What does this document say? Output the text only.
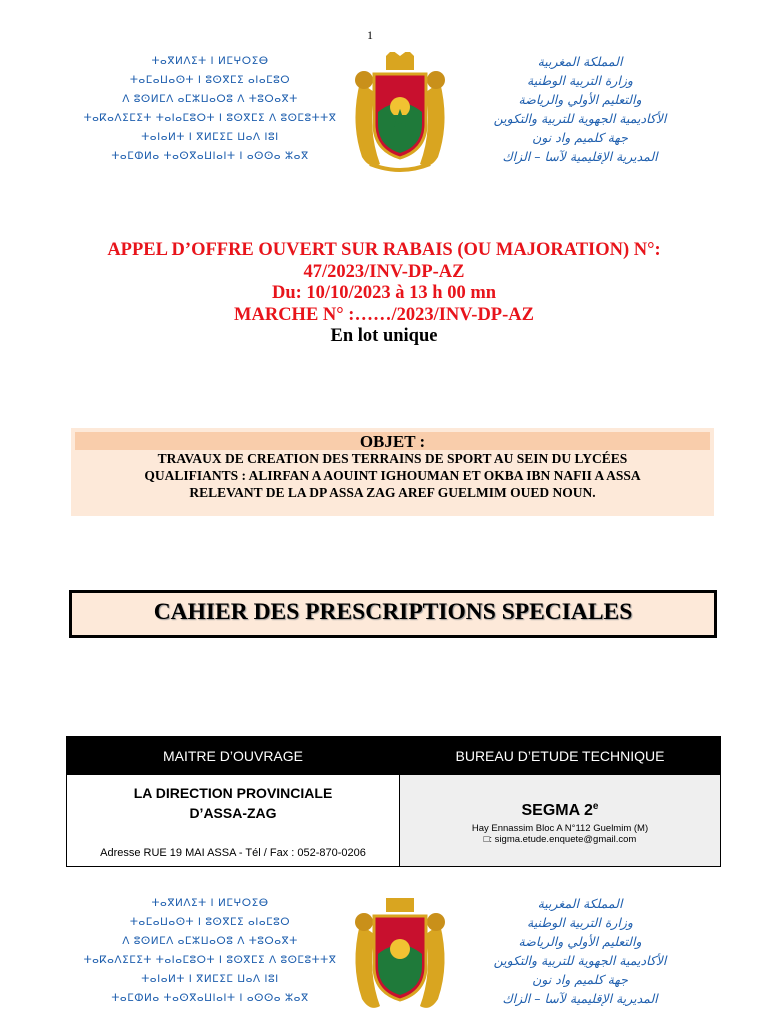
1
ⵜⴰⴳⵍⴷⵉⵜ ⵏ ⵍⵎⵖⵔⵉⴱ
ⵜⴰⵎⴰⵡⴰⵙⵜ ⵏ ⵓⵙⴳⵎⵉ ⴰⵏⴰⵎⵓⵔ
ⴷ ⵓⵙⵍⵎⴷ ⴰⵎⵣⵡⴰⵔⵓ ⴷ ⵜⵓⵔⴰⴳⵜ
ⵜⴰⴽⴰⴷⵉⵎⵉⵜ ⵜⴰⵏⴰⵎⵓⵔⵜ ⵏ ⵓⵙⴳⵎⵉ ⴷ ⵓⵙⵎⵓⵜⵜⴳ
ⵜⴰⵏⴰⵍⵜ ⵏ ⴳⵍⵎⵉⵎ ⵡⴰⴷ ⵏⵓⵏ
ⵜⴰⵎⵀⵍⴰ ⵜⴰⵙⴳⴰⵡⵏⴰⵏⵜ ⵏ ⴰⵙⵙⴰ ⵣⴰⴳ
المملكة المغربية
وزارة التربية الوطنية
والتعليم الأولي والرياضة
الأكاديمية الجهوية للتربية والتكوين
جهة كلميم واد نون
المديرية الإقليمية لآسا – الزاك
APPEL D’OFFRE OUVERT SUR RABAIS (OU MAJORATION) N°:
47/2023/INV-DP-AZ
Du: 10/10/2023 à 13 h 00 mn
MARCHE N° :……/2023/INV-DP-AZ
En lot unique
OBJET :
TRAVAUX DE CREATION DES TERRAINS DE SPORT AU SEIN DU LYCÉES
QUALIFIANTS : ALIRFAN A AOUINT IGHOUMAN ET OKBA IBN NAFII A ASSA
RELEVANT DE LA DP ASSA ZAG AREF GUELMIM OUED NOUN.
CAHIER DES PRESCRIPTIONS SPECIALES
MAITRE D’OUVRAGE	BUREAU D’ETUDE TECHNIQUE
LA DIRECTION PROVINCIALE
D’ASSA-ZAG
Adresse RUE 19 MAI ASSA - Tél / Fax : 052-870-0206
SEGMA 2e
Hay Ennassim Bloc A N°112 Guelmim (M)
□: sigma.etude.enquete@gmail.com
ⵜⴰⴳⵍⴷⵉⵜ ⵏ ⵍⵎⵖⵔⵉⴱ
ⵜⴰⵎⴰⵡⴰⵙⵜ ⵏ ⵓⵙⴳⵎⵉ ⴰⵏⴰⵎⵓⵔ
ⴷ ⵓⵙⵍⵎⴷ ⴰⵎⵣⵡⴰⵔⵓ ⴷ ⵜⵓⵔⴰⴳⵜ
ⵜⴰⴽⴰⴷⵉⵎⵉⵜ ⵜⴰⵏⴰⵎⵓⵔⵜ ⵏ ⵓⵙⴳⵎⵉ ⴷ ⵓⵙⵎⵓⵜⵜⴳ
ⵜⴰⵏⴰⵍⵜ ⵏ ⴳⵍⵎⵉⵎ ⵡⴰⴷ ⵏⵓⵏ
ⵜⴰⵎⵀⵍⴰ ⵜⴰⵙⴳⴰⵡⵏⴰⵏⵜ ⵏ ⴰⵙⵙⴰ ⵣⴰⴳ
المملكة المغربية
وزارة التربية الوطنية
والتعليم الأولي والرياضة
الأكاديمية الجهوية للتربية والتكوين
جهة كلميم واد نون
المديرية الإقليمية لآسا – الزاك
